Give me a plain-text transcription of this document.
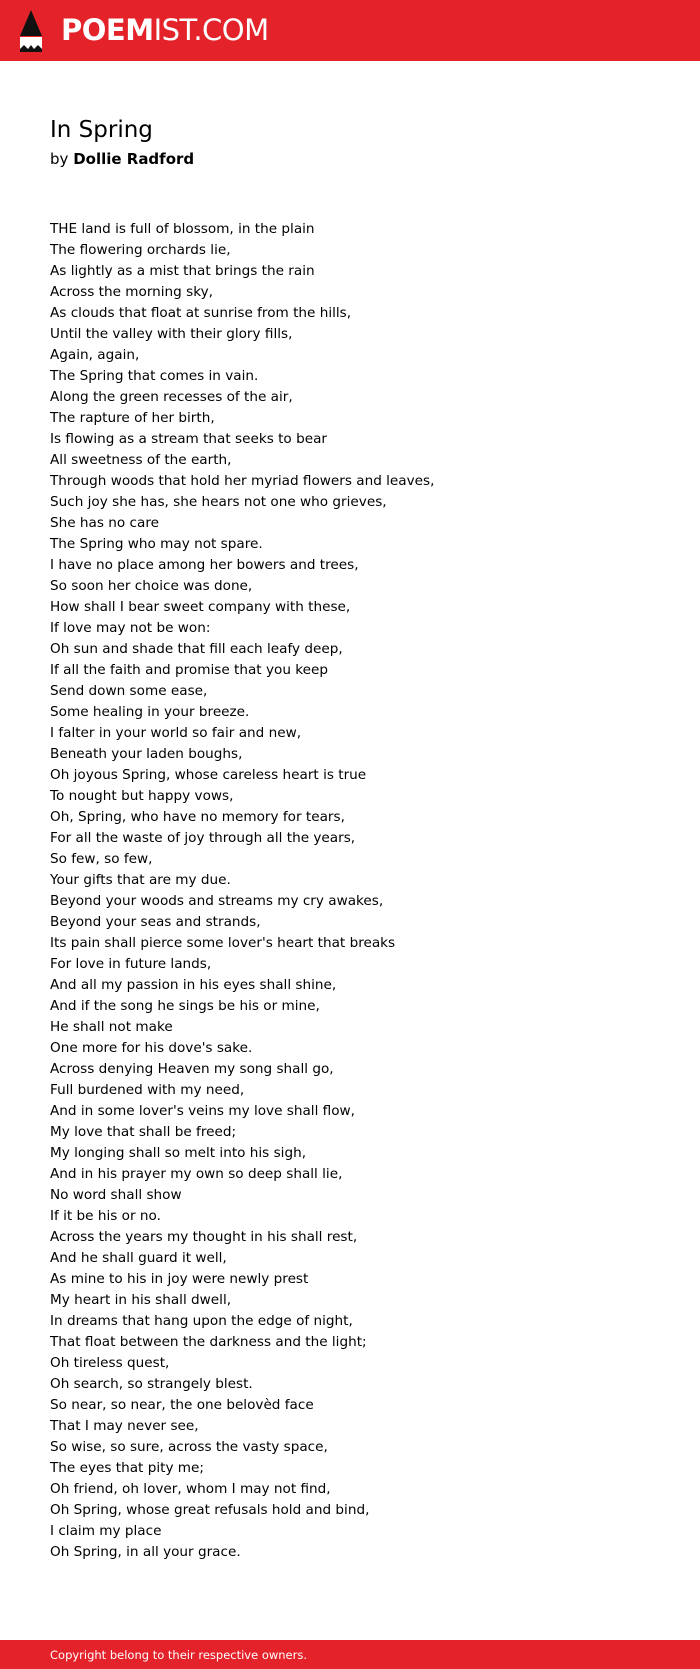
POEMIST.COM
In Spring
by Dollie Radford
THE land is full of blossom, in the plain
The flowering orchards lie,
As lightly as a mist that brings the rain
Across the morning sky,
As clouds that float at sunrise from the hills,
Until the valley with their glory fills,
Again, again,
The Spring that comes in vain.
Along the green recesses of the air,
The rapture of her birth,
Is flowing as a stream that seeks to bear
All sweetness of the earth,
Through woods that hold her myriad flowers and leaves,
Such joy she has, she hears not one who grieves,
She has no care
The Spring who may not spare.
I have no place among her bowers and trees,
So soon her choice was done,
How shall I bear sweet company with these,
If love may not be won:
Oh sun and shade that fill each leafy deep,
If all the faith and promise that you keep
Send down some ease,
Some healing in your breeze.
I falter in your world so fair and new,
Beneath your laden boughs,
Oh joyous Spring, whose careless heart is true
To nought but happy vows,
Oh, Spring, who have no memory for tears,
For all the waste of joy through all the years,
So few, so few,
Your gifts that are my due.
Beyond your woods and streams my cry awakes,
Beyond your seas and strands,
Its pain shall pierce some lover's heart that breaks
For love in future lands,
And all my passion in his eyes shall shine,
And if the song he sings be his or mine,
He shall not make
One more for his dove's sake.
Across denying Heaven my song shall go,
Full burdened with my need,
And in some lover's veins my love shall flow,
My love that shall be freed;
My longing shall so melt into his sigh,
And in his prayer my own so deep shall lie,
No word shall show
If it be his or no.
Across the years my thought in his shall rest,
And he shall guard it well,
As mine to his in joy were newly prest
My heart in his shall dwell,
In dreams that hang upon the edge of night,
That float between the darkness and the light;
Oh tireless quest,
Oh search, so strangely blest.
So near, so near, the one belovèd face
That I may never see,
So wise, so sure, across the vasty space,
The eyes that pity me;
Oh friend, oh lover, whom I may not find,
Oh Spring, whose great refusals hold and bind,
I claim my place
Oh Spring, in all your grace.
Copyright belong to their respective owners.
